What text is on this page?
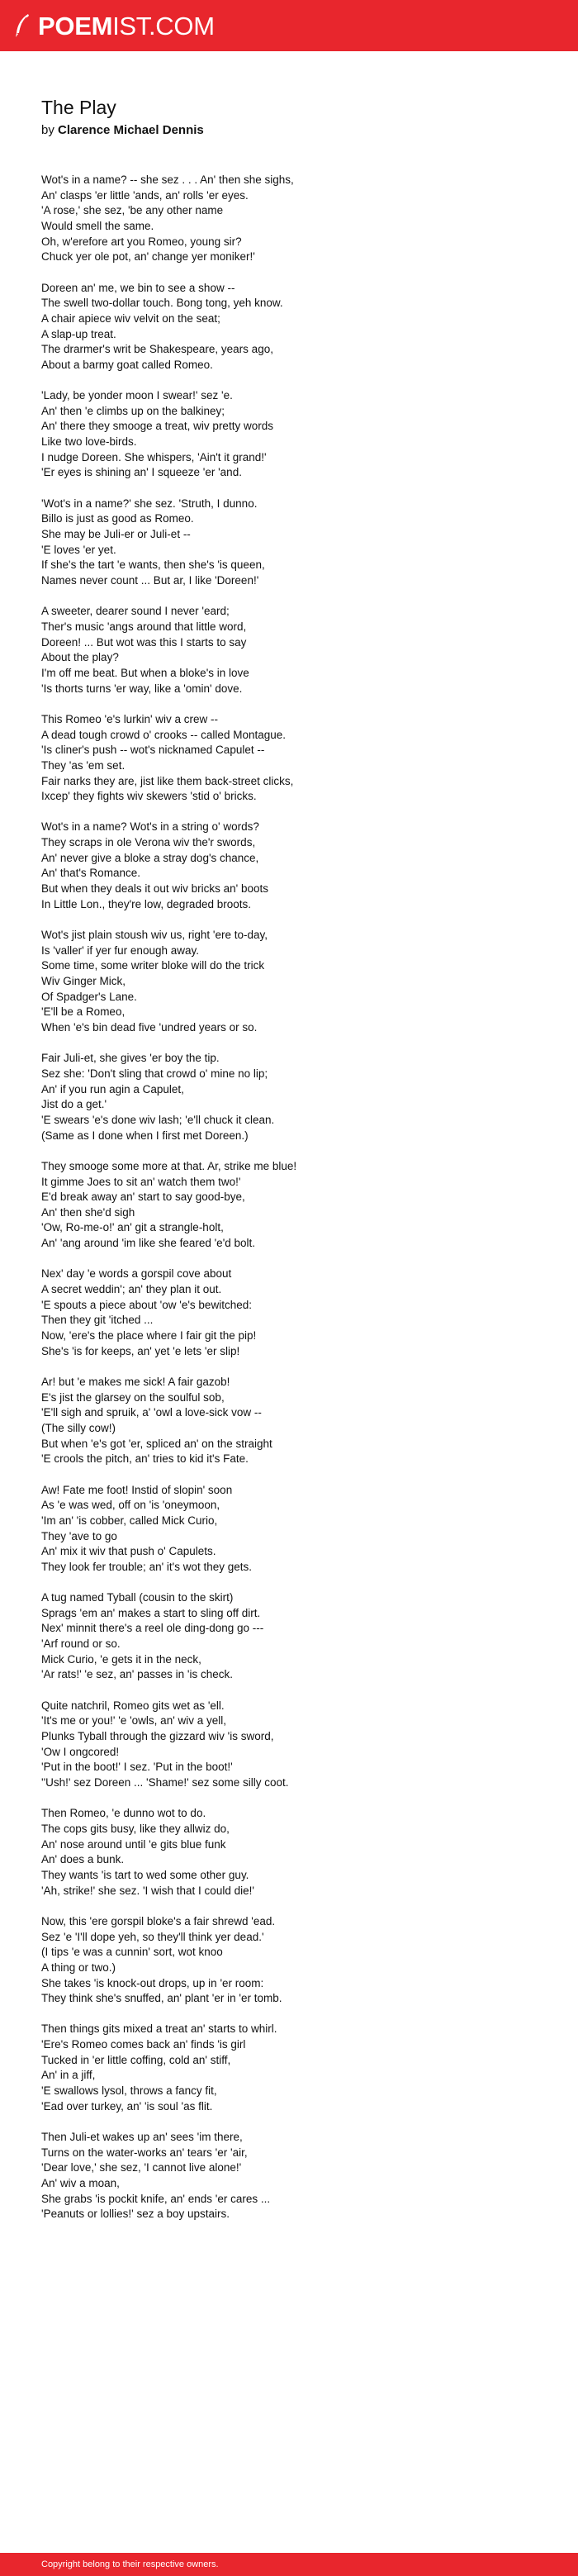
POEMIST.COM
The Play
by Clarence Michael Dennis

Wot's in a name? -- she sez . . . An' then she sighs,
An' clasps 'er little 'ands, an' rolls 'er eyes.
'A rose,' she sez, 'be any other name
Would smell the same.
Oh, w'erefore art you Romeo, young sir?
Chuck yer ole pot, an' change yer moniker!'

Doreen an' me, we bin to see a show --
The swell two-dollar touch. Bong tong, yeh know.
A chair apiece wiv velvit on the seat;
A slap-up treat.
The drarmer's writ be Shakespeare, years ago,
About a barmy goat called Romeo.

'Lady, be yonder moon I swear!' sez 'e.
An' then 'e climbs up on the balkiney;
An' there they smooge a treat, wiv pretty words
Like two love-birds.
I nudge Doreen. She whispers, 'Ain't it grand!'
'Er eyes is shining an' I squeeze 'er 'and.

'Wot's in a name?' she sez. 'Struth, I dunno.
Billo is just as good as Romeo.
She may be Juli-er or Juli-et --
'E loves 'er yet.
If she's the tart 'e wants, then she's 'is queen,
Names never count ... But ar, I like 'Doreen!'

A sweeter, dearer sound I never 'eard;
Ther's music 'angs around that little word,
Doreen! ... But wot was this I starts to say
About the play?
I'm off me beat. But when a bloke's in love
'Is thorts turns 'er way, like a 'omin' dove.

This Romeo 'e's lurkin' wiv a crew --
A dead tough crowd o' crooks -- called Montague.
'Is cliner's push -- wot's nicknamed Capulet --
They 'as 'em set.
Fair narks they are, jist like them back-street clicks,
Ixcep' they fights wiv skewers 'stid o' bricks.

Wot's in a name? Wot's in a string o' words?
They scraps in ole Verona wiv the'r swords,
An' never give a bloke a stray dog's chance,
An' that's Romance.
But when they deals it out wiv bricks an' boots
In Little Lon., they're low, degraded broots.

Wot's jist plain stoush wiv us, right 'ere to-day,
Is 'valler' if yer fur enough away.
Some time, some writer bloke will do the trick
Wiv Ginger Mick,
Of Spadger's Lane.
'E'll be a Romeo,
When 'e's bin dead five 'undred years or so.

Fair Juli-et, she gives 'er boy the tip.
Sez she: 'Don't sling that crowd o' mine no lip;
An' if you run agin a Capulet,
Jist do a get.'
'E swears 'e's done wiv lash; 'e'll chuck it clean.
(Same as I done when I first met Doreen.)

They smooge some more at that. Ar, strike me blue!
It gimme Joes to sit an' watch them two!'
E'd break away an' start to say good-bye,
An' then she'd sigh
'Ow, Ro-me-o!' an' git a strangle-holt,
An' 'ang around 'im like she feared 'e'd bolt.

Nex' day 'e words a gorspil cove about
A secret weddin'; an' they plan it out.
'E spouts a piece about 'ow 'e's bewitched:
Then they git 'itched ...
Now, 'ere's the place where I fair git the pip!
She's 'is for keeps, an' yet 'e lets 'er slip!

Ar! but 'e makes me sick! A fair gazob!
E's jist the glarsey on the soulful sob,
'E'll sigh and spruik, a' 'owl a love-sick vow --
(The silly cow!)
But when 'e's got 'er, spliced an' on the straight
'E crools the pitch, an' tries to kid it's Fate.

Aw! Fate me foot! Instid of slopin' soon
As 'e was wed, off on 'is 'oneymoon,
'Im an' 'is cobber, called Mick Curio,
They 'ave to go
An' mix it wiv that push o' Capulets.
They look fer trouble; an' it's wot they gets.

A tug named Tyball (cousin to the skirt)
Sprags 'em an' makes a start to sling off dirt.
Nex' minnit there's a reel ole ding-dong go ---
'Arf round or so.
Mick Curio, 'e gets it in the neck,
'Ar rats!' 'e sez, an' passes in 'is check.

Quite natchril, Romeo gits wet as 'ell.
'It's me or you!' 'e 'owls, an' wiv a yell,
Plunks Tyball through the gizzard wiv 'is sword,
'Ow I ongcored!
'Put in the boot!' I sez. 'Put in the boot!'
''Ush!' sez Doreen ... 'Shame!' sez some silly coot.

Then Romeo, 'e dunno wot to do.
The cops gits busy, like they allwiz do,
An' nose around until 'e gits blue funk
An' does a bunk.
They wants 'is tart to wed some other guy.
'Ah, strike!' she sez. 'I wish that I could die!'

Now, this 'ere gorspil bloke's a fair shrewd 'ead.
Sez 'e 'I'll dope yeh, so they'll think yer dead.'
(I tips 'e was a cunnin' sort, wot knoo
A thing or two.)
She takes 'is knock-out drops, up in 'er room:
They think she's snuffed, an' plant 'er in 'er tomb.

Then things gits mixed a treat an' starts to whirl.
'Ere's Romeo comes back an' finds 'is girl
Tucked in 'er little coffing, cold an' stiff,
An' in a jiff,
'E swallows lysol, throws a fancy fit,
'Ead over turkey, an' 'is soul 'as flit.

Then Juli-et wakes up an' sees 'im there,
Turns on the water-works an' tears 'er 'air,
'Dear love,' she sez, 'I cannot live alone!'
An' wiv a moan,
She grabs 'is pockit knife, an' ends 'er cares ...
'Peanuts or lollies!' sez a boy upstairs.

Copyright belong to their respective owners.
